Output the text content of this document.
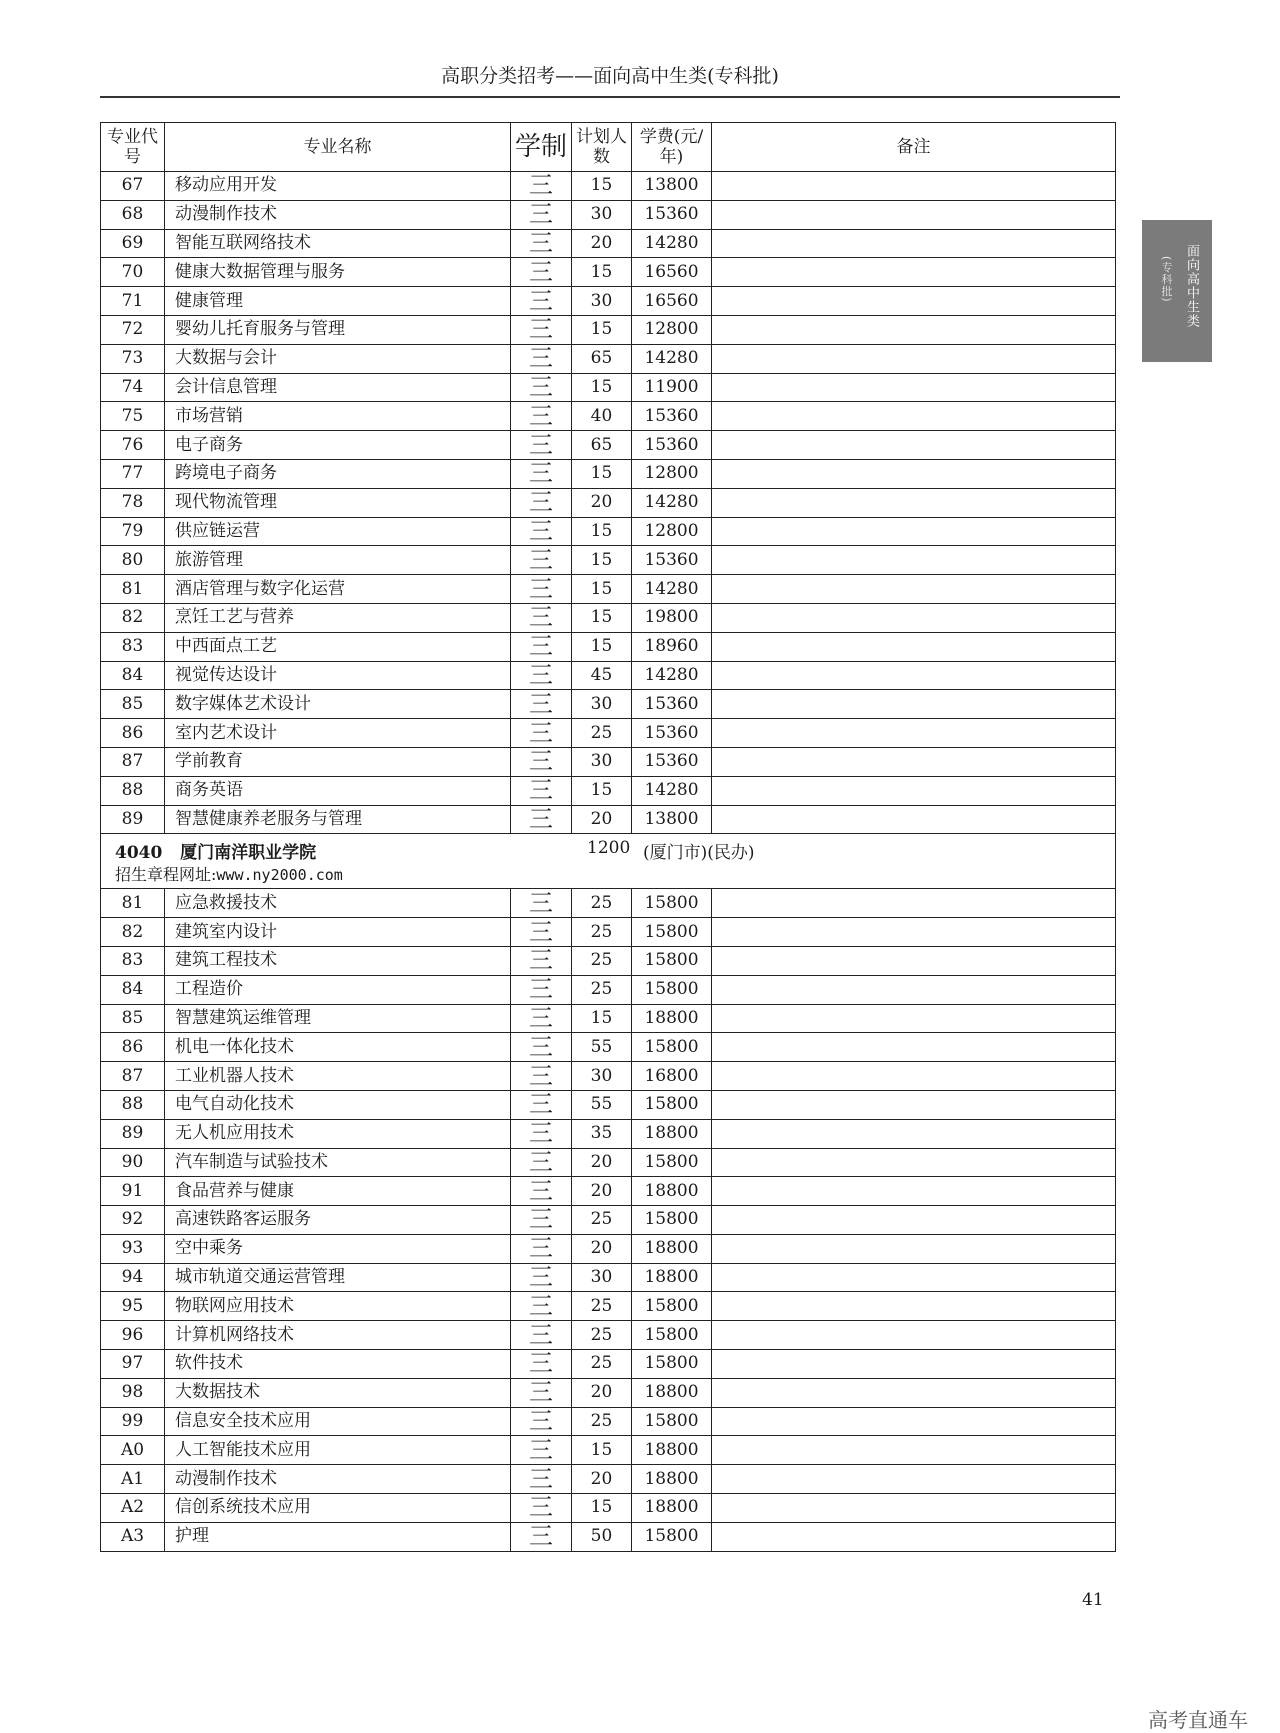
高职分类招考——面向高中生类(专科批)
面向高中生类
(专科批)
专业代号	专业名称	学制	计划人数	学费(元/年)	备注
67	移动应用开发	三	15	13800	
68	动漫制作技术	三	30	15360	
69	智能互联网络技术	三	20	14280	
70	健康大数据管理与服务	三	15	16560	
71	健康管理	三	30	16560	
72	婴幼儿托育服务与管理	三	15	12800	
73	大数据与会计	三	65	14280	
74	会计信息管理	三	15	11900	
75	市场营销	三	40	15360	
76	电子商务	三	65	15360	
77	跨境电子商务	三	15	12800	
78	现代物流管理	三	20	14280	
79	供应链运营	三	15	12800	
80	旅游管理	三	15	15360	
81	酒店管理与数字化运营	三	15	14280	
82	烹饪工艺与营养	三	15	19800	
83	中西面点工艺	三	15	18960	
84	视觉传达设计	三	45	14280	
85	数字媒体艺术设计	三	30	15360	
86	室内艺术设计	三	25	15360	
87	学前教育	三	30	15360	
88	商务英语	三	15	14280	
89	智慧健康养老服务与管理	三	20	13800	

4040 厦门南洋职业学院 1200 (厦门市)(民办)
招生章程网址:www.ny2000.com					

81	应急救援技术	三	25	15800	
82	建筑室内设计	三	25	15800	
83	建筑工程技术	三	25	15800	
84	工程造价	三	25	15800	
85	智慧建筑运维管理	三	15	18800	
86	机电一体化技术	三	55	15800	
87	工业机器人技术	三	30	16800	
88	电气自动化技术	三	55	15800	
89	无人机应用技术	三	35	18800	
90	汽车制造与试验技术	三	20	15800	
91	食品营养与健康	三	20	18800	
92	高速铁路客运服务	三	25	15800	
93	空中乘务	三	20	18800	
94	城市轨道交通运营管理	三	30	18800	
95	物联网应用技术	三	25	15800	
96	计算机网络技术	三	25	15800	
97	软件技术	三	25	15800	
98	大数据技术	三	20	18800	
99	信息安全技术应用	三	25	15800	
A0	人工智能技术应用	三	15	18800	
A1	动漫制作技术	三	20	18800	
A2	信创系统技术应用	三	15	18800	
A3	护理	三	50	15800	
41
高考直通车
